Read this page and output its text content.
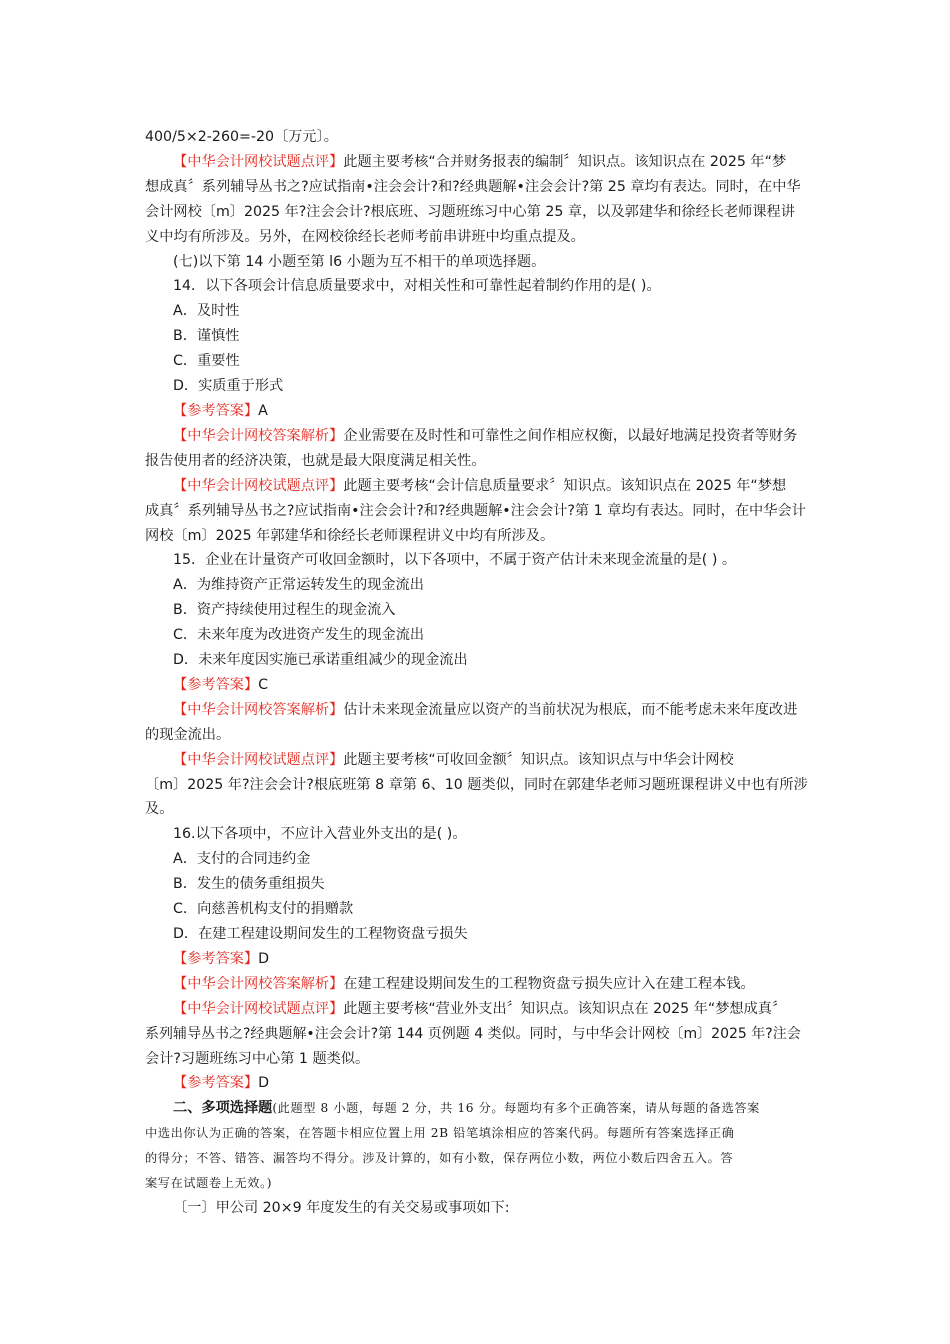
400/5×2-260=-20〔万元〕。

【中华会计网校试题点评】此题主要考核“合并财务报表的编制〞知识点。该知识点在 2025 年“梦

想成真〞系列辅导丛书之?应试指南•注会会计?和?经典题解•注会会计?第 25 章均有表达。同时，在中华

会计网校〔m〕2025 年?注会会计?根底班、习题班练习中心第 25 章，以及郭建华和徐经长老师课程讲

义中均有所涉及。另外，在网校徐经长老师考前串讲班中均重点提及。

(七)以下第 14 小题至第 l6 小题为互不相干的单项选择题。

14．以下各项会计信息质量要求中，对相关性和可靠性起着制约作用的是( )。

A．及时性

B．谨慎性

C．重要性

D．实质重于形式

【参考答案】A

【中华会计网校答案解析】企业需要在及时性和可靠性之间作相应权衡，以最好地满足投资者等财务

报告使用者的经济决策，也就是最大限度满足相关性。

【中华会计网校试题点评】此题主要考核“会计信息质量要求〞知识点。该知识点在 2025 年“梦想

成真〞系列辅导丛书之?应试指南•注会会计?和?经典题解•注会会计?第 1 章均有表达。同时，在中华会计

网校〔m〕2025 年郭建华和徐经长老师课程讲义中均有所涉及。

15．企业在计量资产可收回金额时，以下各项中，不属于资产估计未来现金流量的是( ) 。

A．为维持资产正常运转发生的现金流出

B．资产持续使用过程生的现金流入

C．未来年度为改进资产发生的现金流出

D．未来年度因实施已承诺重组减少的现金流出

【参考答案】C

【中华会计网校答案解析】估计未来现金流量应以资产的当前状况为根底，而不能考虑未来年度改进

的现金流出。

【中华会计网校试题点评】此题主要考核“可收回金额〞知识点。该知识点与中华会计网校

〔m〕2025 年?注会会计?根底班第 8 章第 6、10 题类似，同时在郭建华老师习题班课程讲义中也有所涉

及。

16.以下各项中，不应计入营业外支出的是( )。

A．支付的合同违约金

B．发生的债务重组损失

C．向慈善机构支付的捐赠款

D．在建工程建设期间发生的工程物资盘亏损失

【参考答案】D

【中华会计网校答案解析】在建工程建设期间发生的工程物资盘亏损失应计入在建工程本钱。

【中华会计网校试题点评】此题主要考核“营业外支出〞知识点。该知识点在 2025 年“梦想成真〞

系列辅导丛书之?经典题解•注会会计?第 144 页例题 4 类似。同时，与中华会计网校〔m〕2025 年?注会

会计?习题班练习中心第 1 题类似。

【参考答案】D

二、多项选择题(此题型 8 小题，每题 2 分，共 16 分。每题均有多个正确答案，请从每题的备选答案

中选出你认为正确的答案，在答题卡相应位置上用 2B 铅笔填涂相应的答案代码。每题所有答案选择正确

的得分；不答、错答、漏答均不得分。涉及计算的，如有小数，保存两位小数，两位小数后四舍五入。答

案写在试题卷上无效。)

〔一〕甲公司 20×9 年度发生的有关交易或事项如下:
